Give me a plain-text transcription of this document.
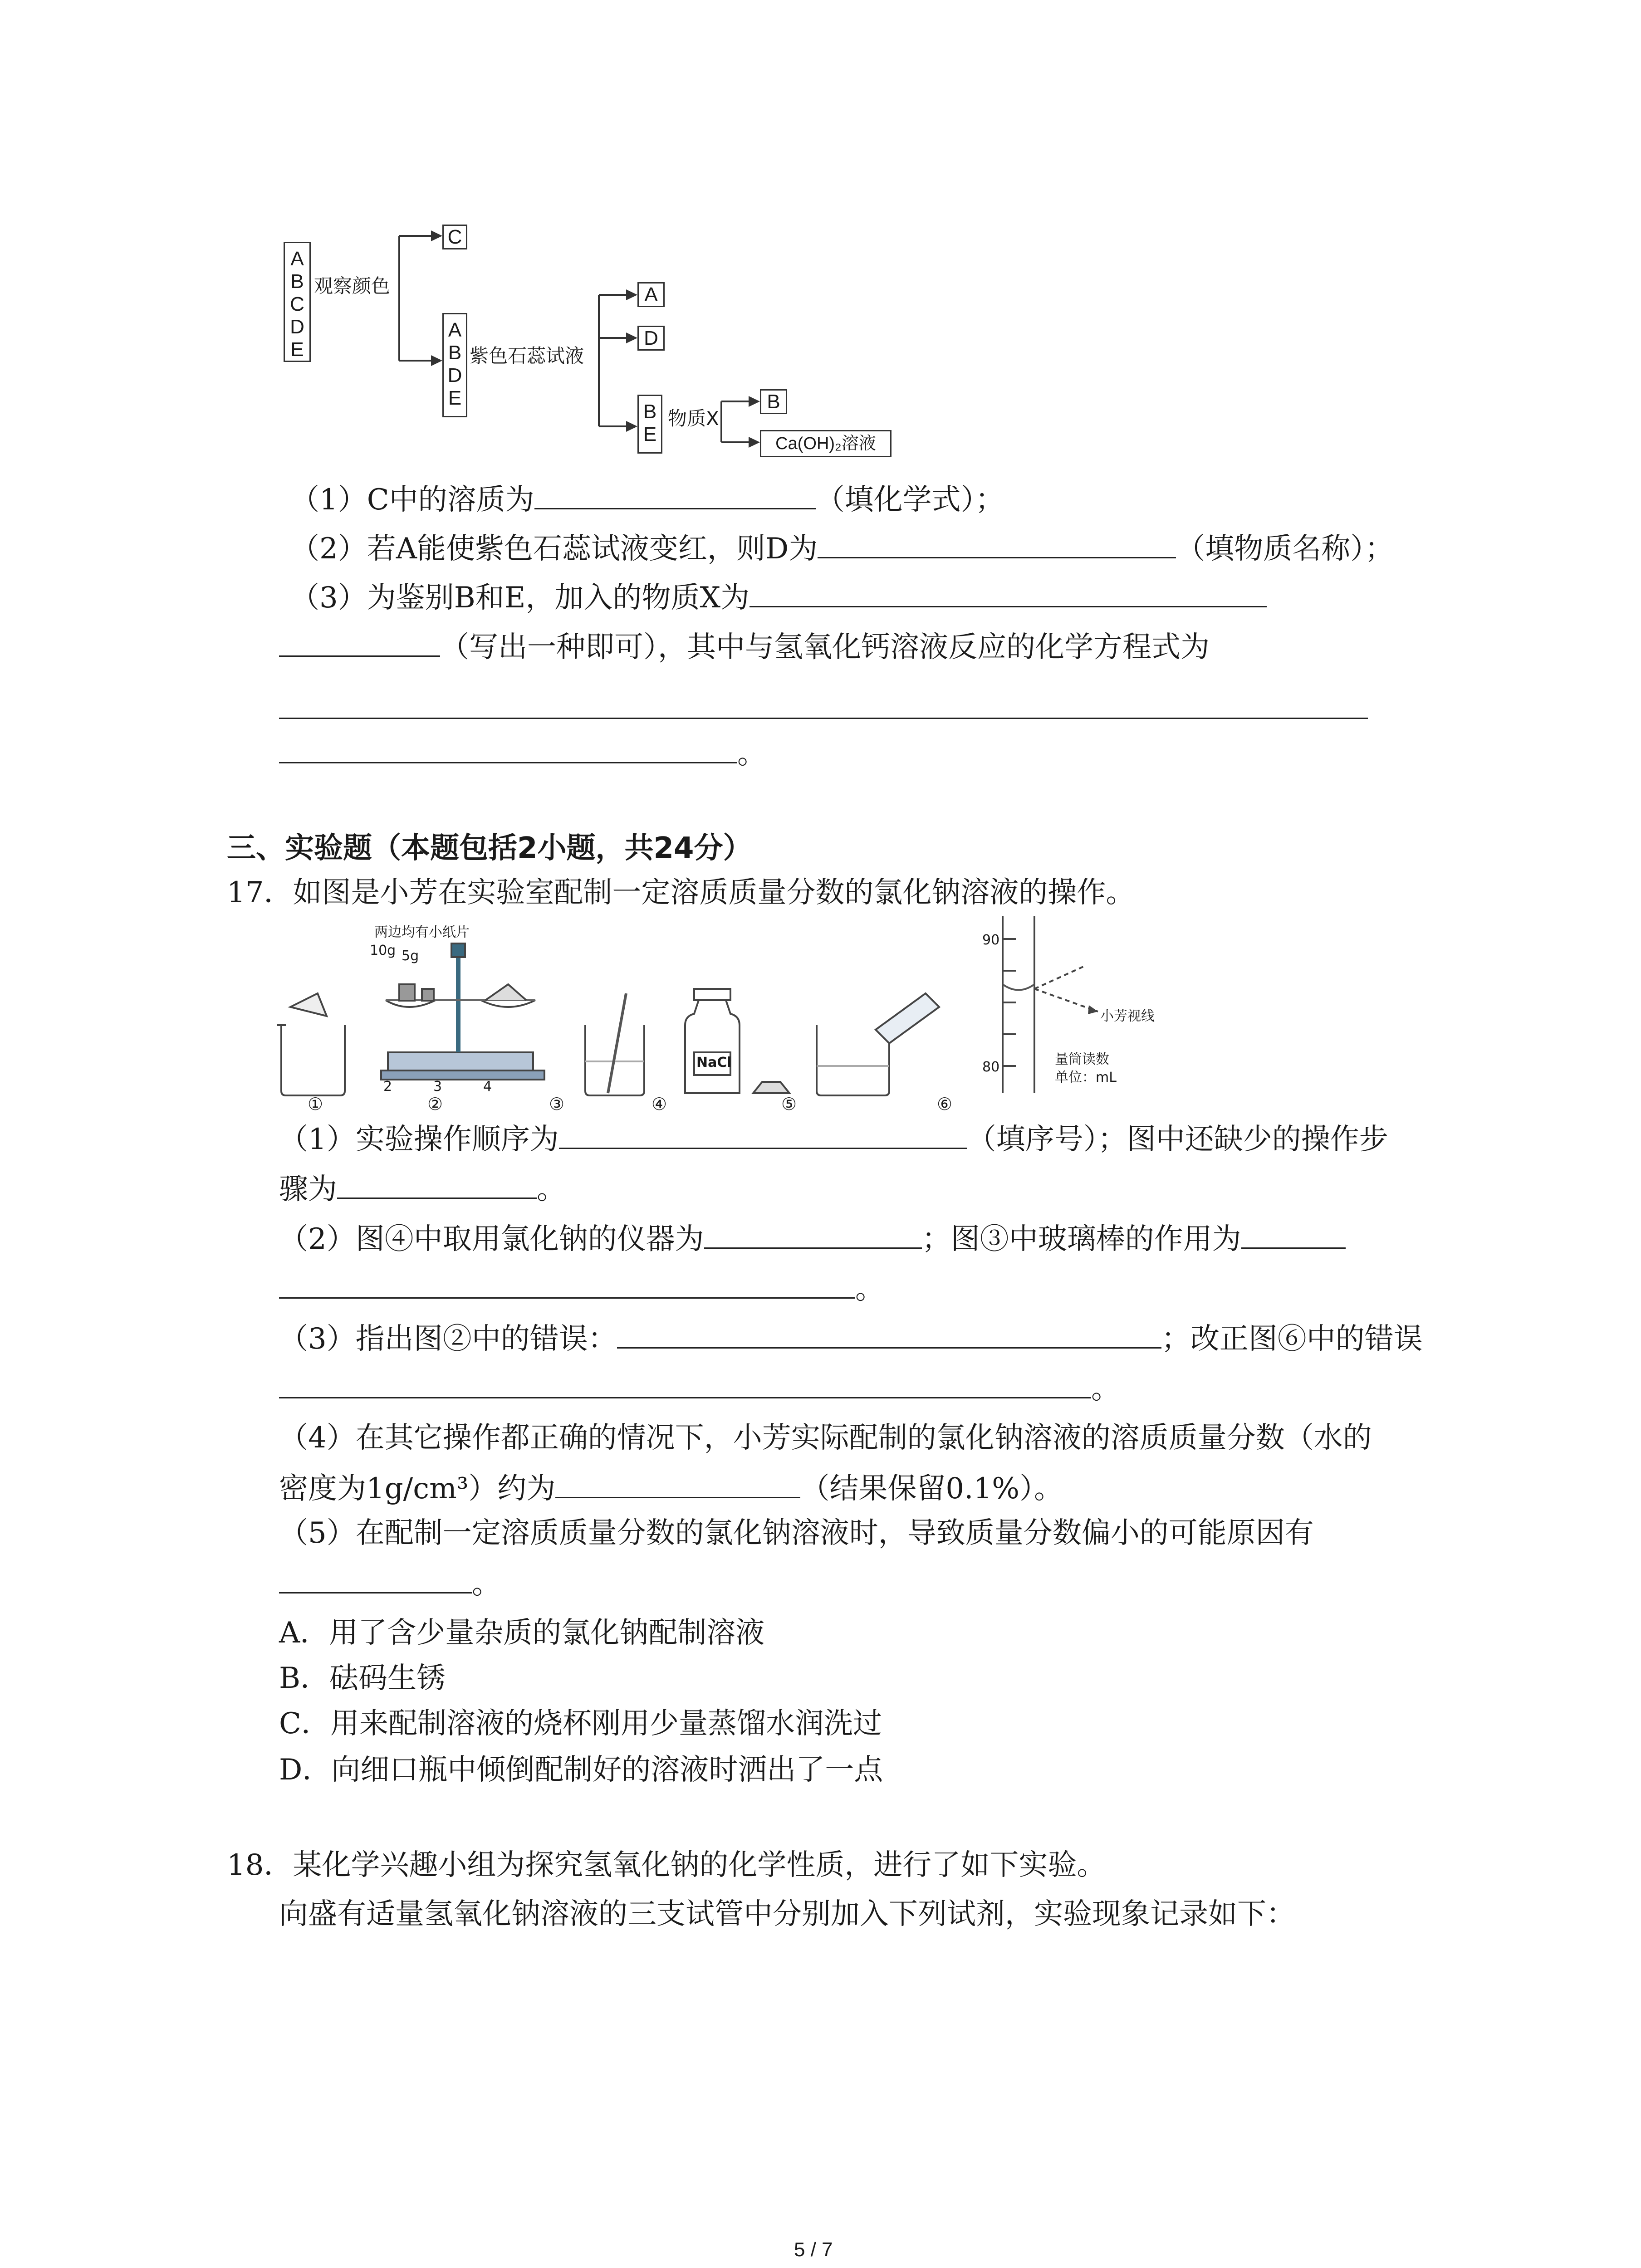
A
B
C
D
E
观察颜色
C
A
B
D
E
紫色石蕊试液
A
D
B
E
物质X
B
Ca(OH)₂溶液
（1）C中的溶质为	（填化学式）；
（2）若A能使紫色石蕊试液变红，则D为	（填物质名称）；
（3）为鉴别B和E，加入的物质X为
（写出一种即可），其中与氢氧化钙溶液反应的化学方程式为
。
三、实验题（本题包括2小题，共24分）
17．如图是小芳在实验室配制一定溶质质量分数的氯化钠溶液的操作。
两边均有小纸片
10g 5g
2	3	4
NaCl
90
80
小芳视线
量筒读数
单位：mL
①	②	③	④	⑤	⑥
（1）实验操作顺序为	（填序号）；图中还缺少的操作步
骤为	。
（2）图④中取用氯化钠的仪器为	；图③中玻璃棒的作用为
。
（3）指出图②中的错误：	；改正图⑥中的错误
。
（4）在其它操作都正确的情况下，小芳实际配制的氯化钠溶液的溶质质量分数（水的
密度为1g/cm³）约为	（结果保留0.1%）。
（5）在配制一定溶质质量分数的氯化钠溶液时，导致质量分数偏小的可能原因有
。
A．用了含少量杂质的氯化钠配制溶液
B．砝码生锈
C．用来配制溶液的烧杯刚用少量蒸馏水润洗过
D．向细口瓶中倾倒配制好的溶液时洒出了一点
18．某化学兴趣小组为探究氢氧化钠的化学性质，进行了如下实验。
向盛有适量氢氧化钠溶液的三支试管中分别加入下列试剂，实验现象记录如下：
5 / 7
